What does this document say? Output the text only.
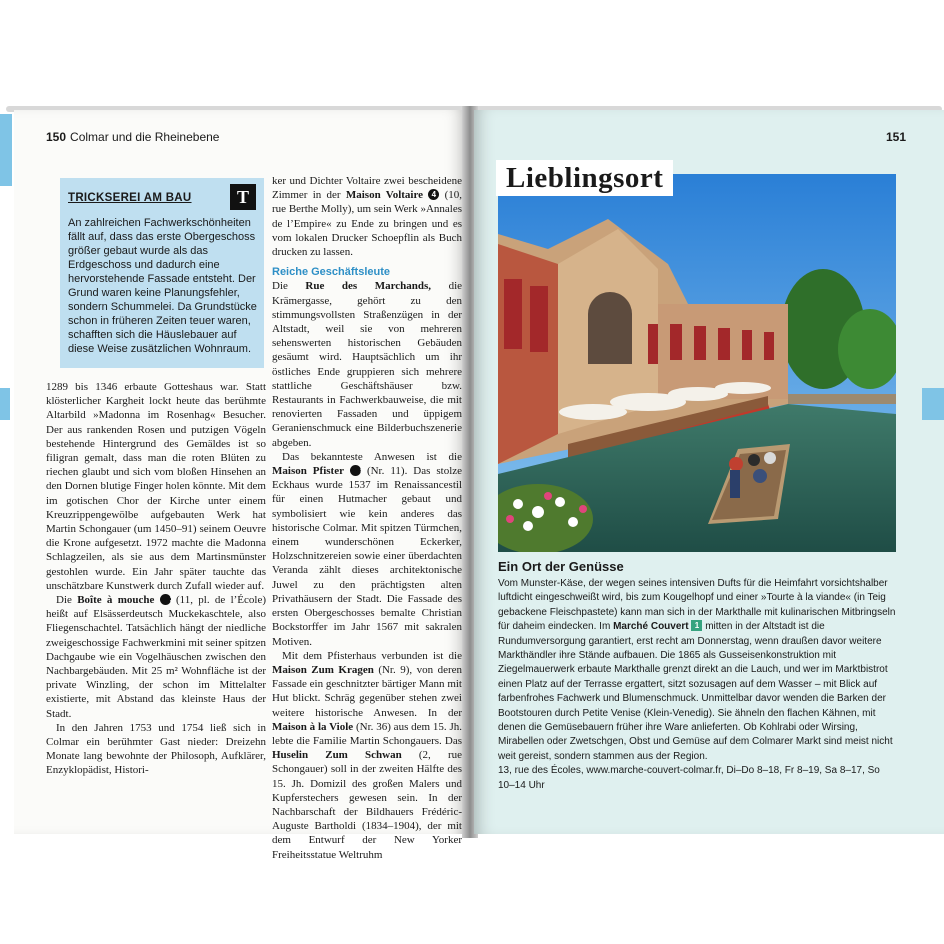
150 Colmar und die Rheinebene
TRICKSEREI AM BAU	T
An zahlreichen Fachwerkschönheiten fällt auf, dass das erste Obergeschoss größer gebaut wurde als das Erdgeschoss und dadurch eine hervorstehende Fassade entsteht. Der Grund waren keine Planungsfehler, sondern Schummelei. Da Grundstücke schon in früheren Zeiten teuer waren, schafften sich die Häuslebauer auf diese Weise zusätzlichen Wohnraum.

1289 bis 1346 erbaute Gotteshaus war. Statt klösterlicher Kargheit lockt heute das berühmte Altarbild »Madonna im Rosenhag« Besucher. Der aus rankenden Rosen und putzigen Vögeln bestehende Hintergrund des Gemäldes ist so filigran gemalt, dass man die roten Blüten zu riechen glaubt und sich vom bloßen Hinsehen an den Dornen blutige Finger holen könnte. Mit dem im gotischen Chor der Kirche unter einem Kreuzrippengewölbe aufgebauten Werk hat Martin Schongauer (um 1450–91) seinem Oeuvre die Krone aufgesetzt. 1972 machte die Madonna Schlagzeilen, als sie aus dem Martinsmünster gestohlen wurde. Ein Jahr später tauchte das unschätzbare Kunstwerk durch Zufall wieder auf.

Die Boîte à mouche 3 (11, pl. de l’École) heißt auf Elsässerdeutsch Muckekaschtele, also Fliegenschachtel. Tatsächlich hängt der niedliche zweigeschossige Fachwerkmini mit seiner spitzen Dachgaube wie ein Vogelhäuschen zwischen den Nachbargebäuden. Mit 25 m² Wohnfläche ist der private Winzling, der schon im Mittelalter existierte, mit Abstand das kleinste Haus der Stadt.

In den Jahren 1753 und 1754 ließ sich in Colmar ein berühmter Gast nieder: Dreizehn Monate lang bewohnte der Philosoph, Aufklärer, Enzyklopädist, Histori-

ker und Dichter Voltaire zwei bescheidene Zimmer in der Maison Voltaire 4 (10, rue Berthe Molly), um sein Werk »Annales de l’Empire« zu Ende zu bringen und es vom lokalen Drucker Schoepflin als Buch drucken zu lassen.

Reiche Geschäftsleute

Die Rue des Marchands, die Krämergasse, gehört zu den stimmungsvollsten Straßenzügen in der Altstadt, weil sie von mehreren sehenswerten historischen Gebäuden gesäumt wird. Hauptsächlich um ihr östliches Ende gruppieren sich mehrere stattliche Geschäftshäuser bzw. Restaurants in Fachwerkbauweise, die mit renovierten Fassaden und üppigem Geranienschmuck eine Bilderbuchszenerie abgeben.

Das bekannteste Anwesen ist die Maison Pfister 5 (Nr. 11). Das stolze Eckhaus wurde 1537 im Renaissancestil für einen Hutmacher gebaut und symbolisiert wie kein anderes das historische Colmar. Mit spitzen Türmchen, einem wunderschönen Eckerker, Holzschnitzereien sowie einer überdachten Veranda zählt dieses architektonische Juwel zu den prächtigsten alten Privathäusern der Stadt. Die Fassade des ersten Obergeschosses bemalte Christian Bockstorffer im Jahr 1567 mit sakralen Motiven.

Mit dem Pfisterhaus verbunden ist die Maison Zum Kragen (Nr. 9), von deren Fassade ein geschnitzter bärtiger Mann mit Hut blickt. Schräg gegenüber stehen zwei weitere historische Anwesen. In der Maison à la Viole (Nr. 36) aus dem 15. Jh. lebte die Familie Martin Schongauers. Das Huselin Zum Schwan (2, rue Schongauer) soll in der zweiten Hälfte des 15. Jh. Domizil des großen Malers und Kupferstechers gewesen sein. In der Nachbarschaft der Bildhauers Frédéric-Auguste Bartholdi (1834–1904), der mit dem Entwurf der New Yorker Freiheitsstatue Weltruhm

151
Lieblingsort
Ein Ort der Genüsse

Vom Munster-Käse, der wegen seines intensiven Dufts für die Heimfahrt vorsichtshalber luftdicht eingeschweißt wird, bis zum Kougelhopf und einer »Tourte à la viande« (in Teig gebackene Fleischpastete) kann man sich in der Markthalle mit kulinarischen Mitbringseln für daheim eindecken. Im Marché Couvert 1 mitten in der Altstadt ist die Rundumversorgung garantiert, erst recht am Donnerstag, wenn draußen davor weitere Markthändler ihre Stände aufbauen. Die 1865 als Gusseisenkonstruktion mit Ziegelmauerwerk erbaute Markthalle grenzt direkt an die Lauch, und wer im Marktbistrot einen Platz auf der Terrasse ergattert, sitzt sozusagen auf dem Wasser – mit Blick auf farbenfrohes Fachwerk und Blumenschmuck. Unmittelbar davor wenden die Barken der Bootstouren durch Petite Venise (Klein-Venedig). Sie ähneln den flachen Kähnen, mit denen die Gemüsebauern früher ihre Ware anlieferten. Ob Kohlrabi oder Wirsing, Mirabellen oder Zwetschgen, Obst und Gemüse auf dem Colmarer Markt sind meist nicht weit gereist, sondern stammen aus der Region.

13, rue des Écoles, www.marche-couvert-colmar.fr, Di–Do 8–18, Fr 8–19, Sa 8–17, So 10–14 Uhr
